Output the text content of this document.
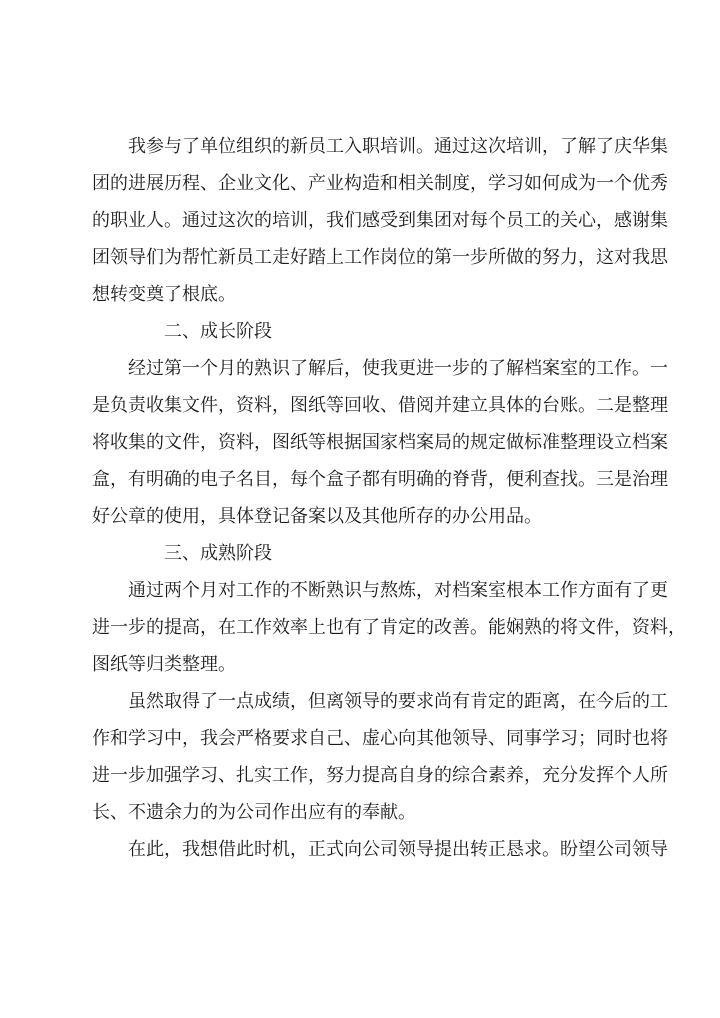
我参与了单位组织的新员工入职培训。通过这次培训，了解了庆华集
团的进展历程、企业文化、产业构造和相关制度，学习如何成为一个优秀
的职业人。通过这次的培训，我们感受到集团对每个员工的关心，感谢集
团领导们为帮忙新员工走好踏上工作岗位的第一步所做的努力，这对我思
想转变奠了根底。
二、成长阶段
经过第一个月的熟识了解后，使我更进一步的了解档案室的工作。一
是负责收集文件，资料，图纸等回收、借阅并建立具体的台账。二是整理
将收集的文件，资料，图纸等根据国家档案局的规定做标准整理设立档案
盒，有明确的电子名目，每个盒子都有明确的脊背，便利查找。三是治理
好公章的使用，具体登记备案以及其他所存的办公用品。
三、成熟阶段
通过两个月对工作的不断熟识与熬炼，对档案室根本工作方面有了更
进一步的提高，在工作效率上也有了肯定的改善。能娴熟的将文件，资料，
图纸等归类整理。
虽然取得了一点成绩，但离领导的要求尚有肯定的距离，在今后的工
作和学习中，我会严格要求自己、虚心向其他领导、同事学习；同时也将
进一步加强学习、扎实工作，努力提高自身的综合素养，充分发挥个人所
长、不遗余力的为公司作出应有的奉献。
在此，我想借此时机，正式向公司领导提出转正恳求。盼望公司领导
